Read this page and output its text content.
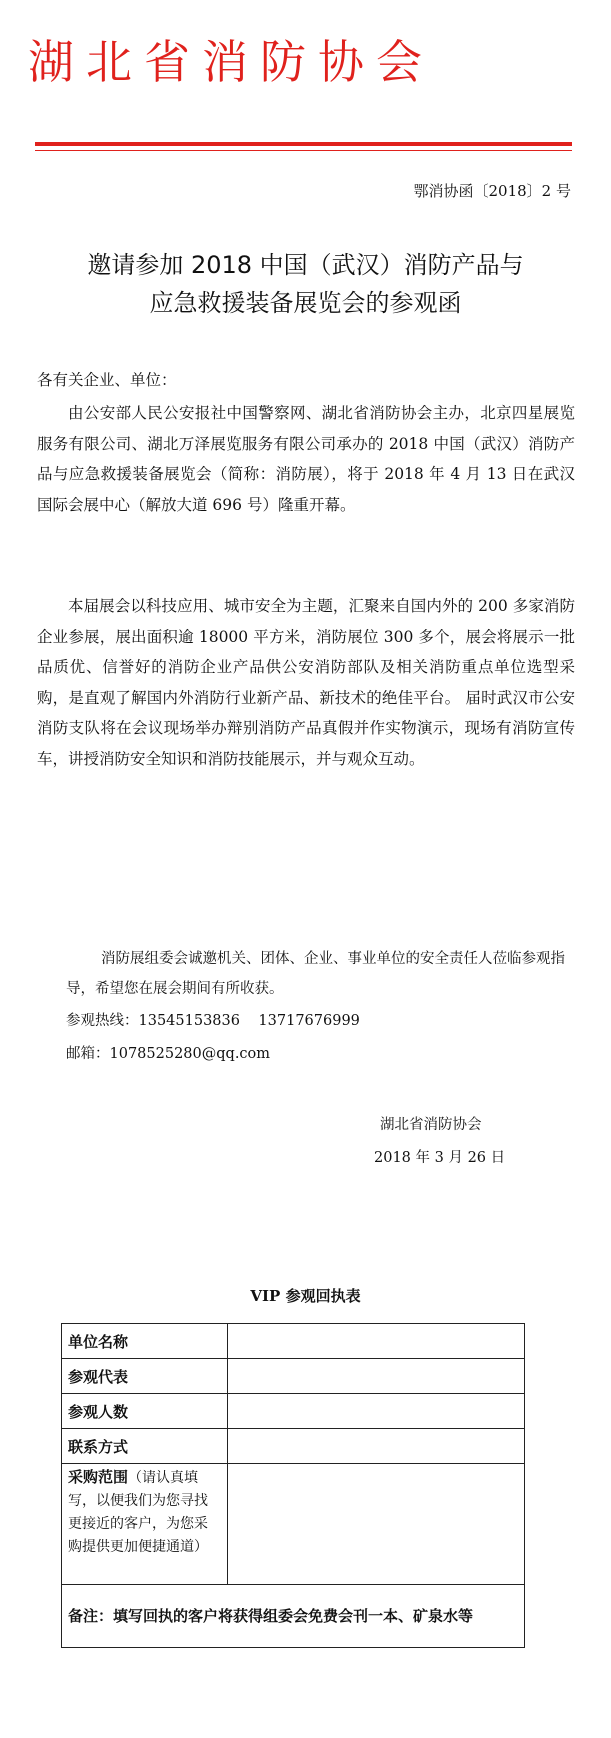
湖北省消防协会
鄂消协函〔2018〕2 号
邀请参加 2018 中国（武汉）消防产品与
应急救援装备展览会的参观函
各有关企业、单位：
由公安部人民公安报社中国警察网、湖北省消防协会主办，北京四星展览服务有限公司、湖北万泽展览服务有限公司承办的 2018 中国（武汉）消防产品与应急救援装备展览会（简称：消防展），将于 2018 年 4 月 13 日在武汉国际会展中心（解放大道 696 号）隆重开幕。
本届展会以科技应用、城市安全为主题，汇聚来自国内外的 200 多家消防企业参展，展出面积逾 18000 平方米，消防展位 300 多个，展会将展示一批品质优、信誉好的消防企业产品供公安消防部队及相关消防重点单位选型采购，是直观了解国内外消防行业新产品、新技术的绝佳平台。 届时武汉市公安消防支队将在会议现场举办辩别消防产品真假并作实物演示，现场有消防宣传车，讲授消防安全知识和消防技能展示，并与观众互动。
消防展组委会诚邀机关、团体、企业、事业单位的安全责任人莅临参观指导，希望您在展会期间有所收获。
参观热线：13545153836    13717676999
邮箱：1078525280@qq.com
湖北省消防协会
2018 年 3 月 26 日
VIP 参观回执表
单位名称	
参观代表	
参观人数	
联系方式	
采购范围（请认真填写，以便我们为您寻找更接近的客户，为您采购提供更加便捷通道）	
备注：填写回执的客户将获得组委会免费会刊一本、矿泉水等	
